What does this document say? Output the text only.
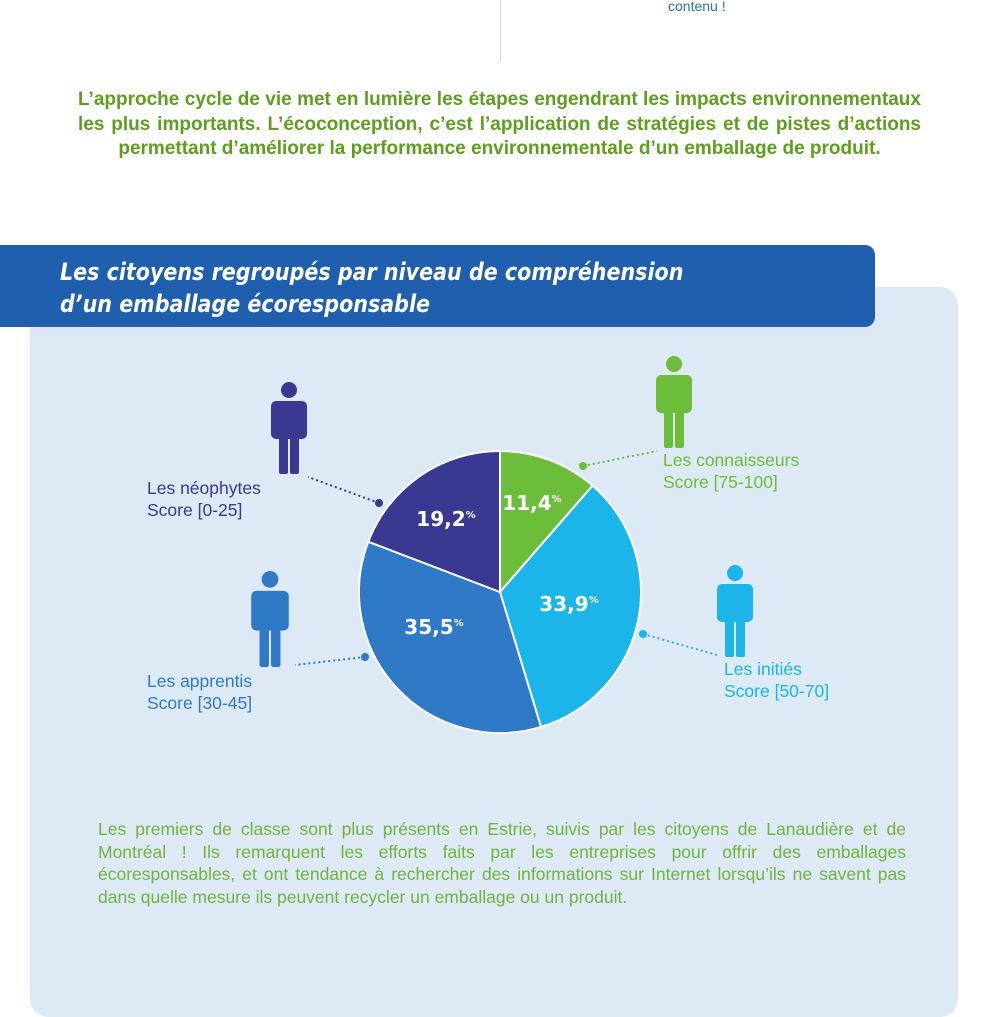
contenu !

L’approche cycle de vie met en lumière les étapes engendrant les impacts environnementaux les plus importants. L’écoconception, c’est l’application de stratégies et de pistes d’actions permettant d’améliorer la performance environnementale d’un emballage de produit.

Les citoyens regroupés par niveau de compréhension
d’un emballage écoresponsable
11,4%
33,9%
35,5%
19,2%

Les connaisseurs
Score [75-100]

Les initiés
Score [50-70]

Les apprentis
Score [30-45]

Les néophytes
Score [0-25]

Les premiers de classe sont plus présents en Estrie, suivis par les citoyens de Lanaudière et de Montréal ! Ils remarquent les efforts faits par les entreprises pour offrir des emballages écoresponsables, et ont tendance à rechercher des informations sur Internet lorsqu’ils ne savent pas dans quelle mesure ils peuvent recycler un emballage ou un produit.
